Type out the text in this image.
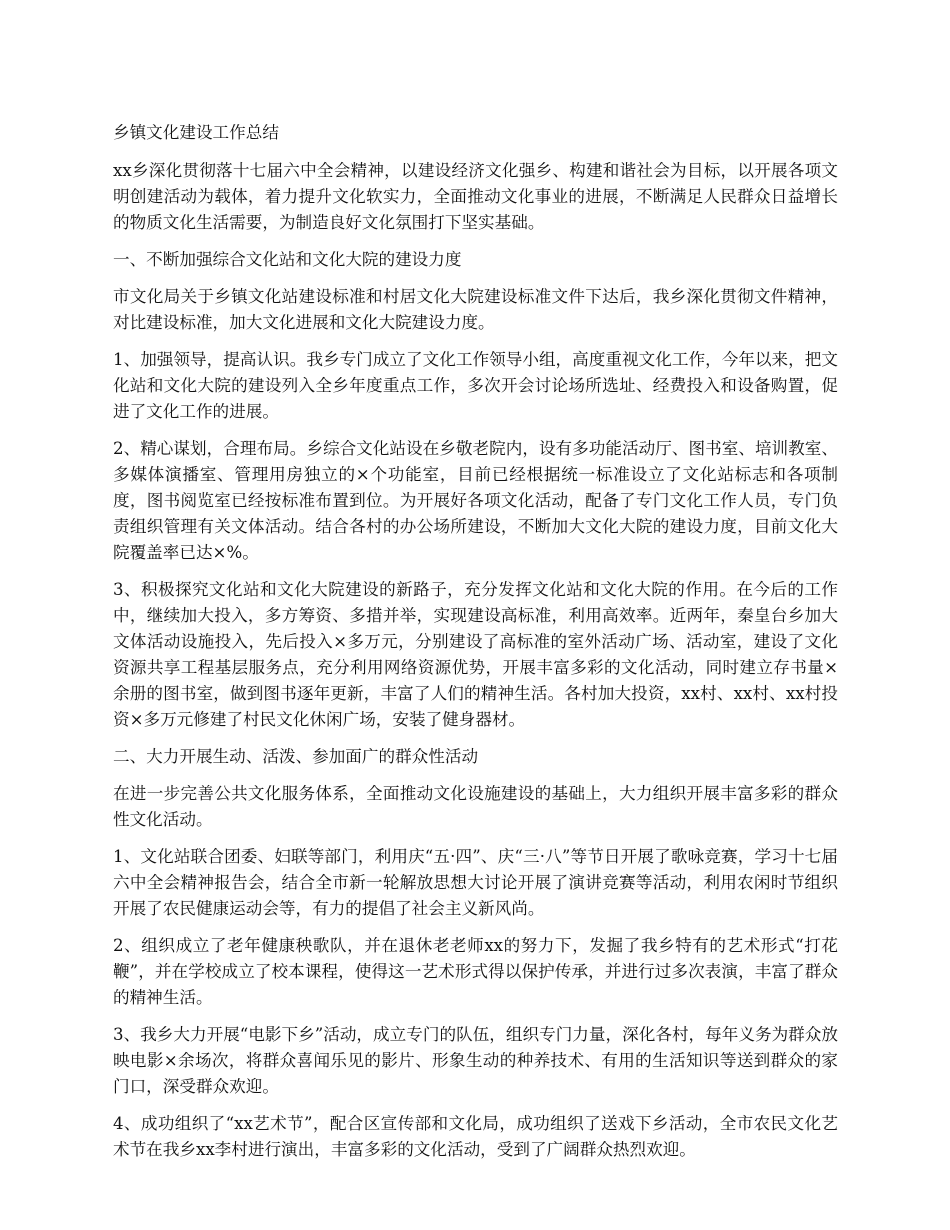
乡镇文化建设工作总结

xx乡深化贯彻落十七届六中全会精神，以建设经济文化强乡、构建和谐社会为目标，以开展各项文明创建活动为载体，着力提升文化软实力，全面推动文化事业的进展，不断满足人民群众日益增长的物质文化生活需要，为制造良好文化氛围打下坚实基础。

一、不断加强综合文化站和文化大院的建设力度

市文化局关于乡镇文化站建设标准和村居文化大院建设标准文件下达后，我乡深化贯彻文件精神，对比建设标准，加大文化进展和文化大院建设力度。

1、加强领导，提高认识。我乡专门成立了文化工作领导小组，高度重视文化工作，今年以来，把文化站和文化大院的建设列入全乡年度重点工作，多次开会讨论场所选址、经费投入和设备购置，促进了文化工作的进展。

2、精心谋划，合理布局。乡综合文化站设在乡敬老院内，设有多功能活动厅、图书室、培训教室、多媒体演播室、管理用房独立的×个功能室，目前已经根据统一标准设立了文化站标志和各项制度，图书阅览室已经按标准布置到位。为开展好各项文化活动，配备了专门文化工作人员，专门负责组织管理有关文体活动。结合各村的办公场所建设，不断加大文化大院的建设力度，目前文化大院覆盖率已达×%。

3、积极探究文化站和文化大院建设的新路子，充分发挥文化站和文化大院的作用。在今后的工作中，继续加大投入，多方筹资、多措并举，实现建设高标准，利用高效率。近两年，秦皇台乡加大文体活动设施投入，先后投入×多万元，分别建设了高标准的室外活动广场、活动室，建设了文化资源共享工程基层服务点，充分利用网络资源优势，开展丰富多彩的文化活动，同时建立存书量×余册的图书室，做到图书逐年更新，丰富了人们的精神生活。各村加大投资，xx村、xx村、xx村投资×多万元修建了村民文化休闲广场，安装了健身器材。

二、大力开展生动、活泼、参加面广的群众性活动

在进一步完善公共文化服务体系，全面推动文化设施建设的基础上，大力组织开展丰富多彩的群众性文化活动。

1、文化站联合团委、妇联等部门，利用庆“五·四”、庆“三·八”等节日开展了歌咏竞赛，学习十七届六中全会精神报告会，结合全市新一轮解放思想大讨论开展了演讲竞赛等活动，利用农闲时节组织开展了农民健康运动会等，有力的提倡了社会主义新风尚。

2、组织成立了老年健康秧歌队，并在退休老老师xx的努力下，发掘了我乡特有的艺术形式“打花鞭”，并在学校成立了校本课程，使得这一艺术形式得以保护传承，并进行过多次表演，丰富了群众的精神生活。

3、我乡大力开展“电影下乡”活动，成立专门的队伍，组织专门力量，深化各村，每年义务为群众放映电影×余场次，将群众喜闻乐见的影片、形象生动的种养技术、有用的生活知识等送到群众的家门口，深受群众欢迎。

4、成功组织了“xx艺术节”，配合区宣传部和文化局，成功组织了送戏下乡活动，全市农民文化艺术节在我乡xx李村进行演出，丰富多彩的文化活动，受到了广阔群众热烈欢迎。
